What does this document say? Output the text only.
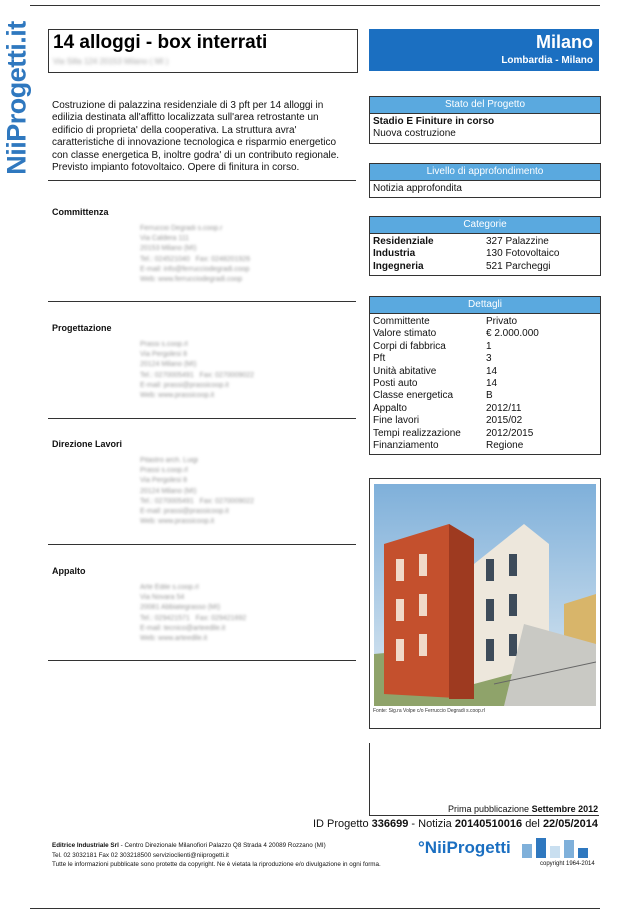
NiiProgetti.it 14 alloggi - box interrati
Via Silla 124 20153 Milano ( MI )
Milano
Lombardia - Milano
Costruzione di palazzina residenziale di 3 pft per 14 alloggi in edilizia destinata all'affitto localizzata sull'area retrostante un edificio di proprieta' della cooperativa. La struttura avra' caratteristiche di innovazione tecnologica e risparmio energetico con classe energetica B, inoltre godra' di un contributo regionale. Previsto impianto fotovoltaico. Opere di finitura in corso.
Committenza
Ferruccio Degradi s.coop.r
Via Caldera 111
20153 Milano (MI)
Tel.: 024521040   Fax: 0248201926
E-mail: info@ferrucciodegradi.coop
Web: www.ferrucciodegradi.coop
Progettazione
Prassi s.coop.rl
Via Pergolesi 8
20124 Milano (MI)
Tel.: 0270005491   Fax: 0270009022
E-mail: prassi@prassicoop.it
Web: www.prassicoop.it
Direzione Lavori
Pitastro arch. Luigi
Prassi s.coop.rl
Via Pergolesi 8
20124 Milano (MI)
Tel.: 0270005491   Fax: 0270009022
E-mail: prassi@prassicoop.it
Web: www.prassicoop.it
Appalto
Arte Edile s.coop.rl
Via Novara 54
20081 Abbiategrasso (MI)
Tel.: 029421571   Fax: 029421692
E-mail: tecnico@arteedile.it
Web: www.arteedile.it
Stato del Progetto
Stadio E Finiture in corso
Nuova costruzione
Livello di approfondimento
Notizia approfondita
Categorie
Residenziale	327 Palazzine
Industria	130 Fotovoltaico
Ingegneria	521 Parcheggi
Dettagli
Committente	Privato
Valore stimato	€ 2.000.000
Corpi di fabbrica	1
Pft	3
Unità abitative	14
Posti auto	14
Classe energetica	B
Appalto	2012/11
Fine lavori	2015/02
Tempi realizzazione	2012/2015
Finanziamento	Regione
Fonte: Sig.ra Volpe c/o Ferruccio Degradi s.coop.rl
Prima pubblicazione Settembre 2012
ID Progetto 336699 - Notizia 20140510016 del 22/05/2014
Editrice Industriale Srl - Centro Direzionale Milanofiori Palazzo Q8 Strada 4 20089 Rozzano (MI)
Tel. 02 3032181 Fax 02 303218500 servizioclienti@niiprogetti.it
Tutte le informazioni pubblicate sono protette da copyright. Ne è vietata la riproduzione e/o divulgazione in ogni forma.
°NiiProgetti
copyright 1964-2014
